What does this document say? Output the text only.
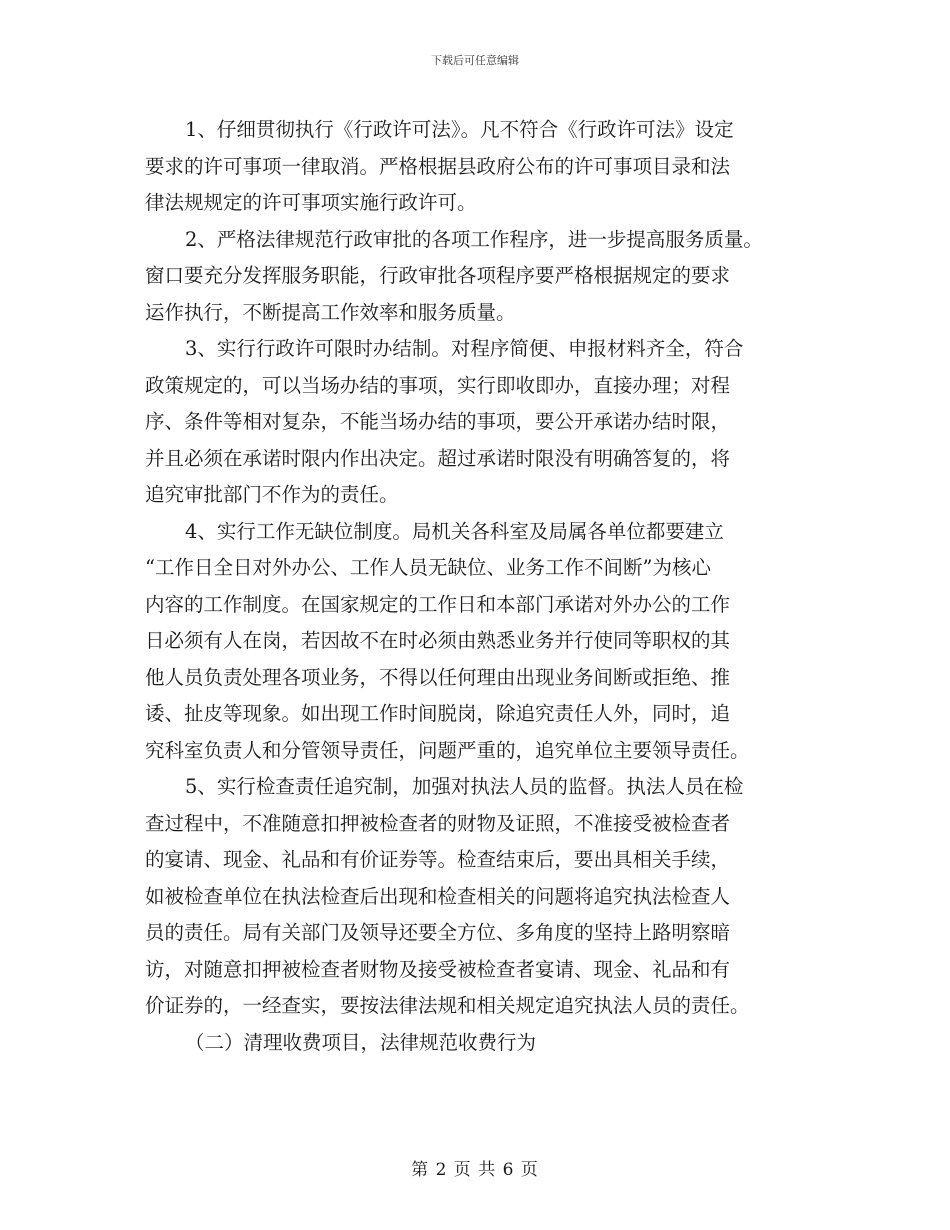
下载后可任意编辑
1、仔细贯彻执行《行政许可法》。凡不符合《行政许可法》设定
要求的许可事项一律取消。严格根据县政府公布的许可事项目录和法
律法规规定的许可事项实施行政许可。
2、严格法律规范行政审批的各项工作程序，进一步提高服务质量。
窗口要充分发挥服务职能，行政审批各项程序要严格根据规定的要求
运作执行，不断提高工作效率和服务质量。
3、实行行政许可限时办结制。对程序简便、申报材料齐全，符合
政策规定的，可以当场办结的事项，实行即收即办，直接办理；对程
序、条件等相对复杂，不能当场办结的事项，要公开承诺办结时限，
并且必须在承诺时限内作出决定。超过承诺时限没有明确答复的，将
追究审批部门不作为的责任。
4、实行工作无缺位制度。局机关各科室及局属各单位都要建立
“工作日全日对外办公、工作人员无缺位、业务工作不间断”为核心
内容的工作制度。在国家规定的工作日和本部门承诺对外办公的工作
日必须有人在岗，若因故不在时必须由熟悉业务并行使同等职权的其
他人员负责处理各项业务，不得以任何理由出现业务间断或拒绝、推
诿、扯皮等现象。如出现工作时间脱岗，除追究责任人外，同时，追
究科室负责人和分管领导责任，问题严重的，追究单位主要领导责任。
5、实行检查责任追究制，加强对执法人员的监督。执法人员在检
查过程中，不准随意扣押被检查者的财物及证照，不准接受被检查者
的宴请、现金、礼品和有价证券等。检查结束后，要出具相关手续，
如被检查单位在执法检查后出现和检查相关的问题将追究执法检查人
员的责任。局有关部门及领导还要全方位、多角度的坚持上路明察暗
访，对随意扣押被检查者财物及接受被检查者宴请、现金、礼品和有
价证券的，一经查实，要按法律法规和相关规定追究执法人员的责任。
（二）清理收费项目，法律规范收费行为
第 2 页 共 6 页
